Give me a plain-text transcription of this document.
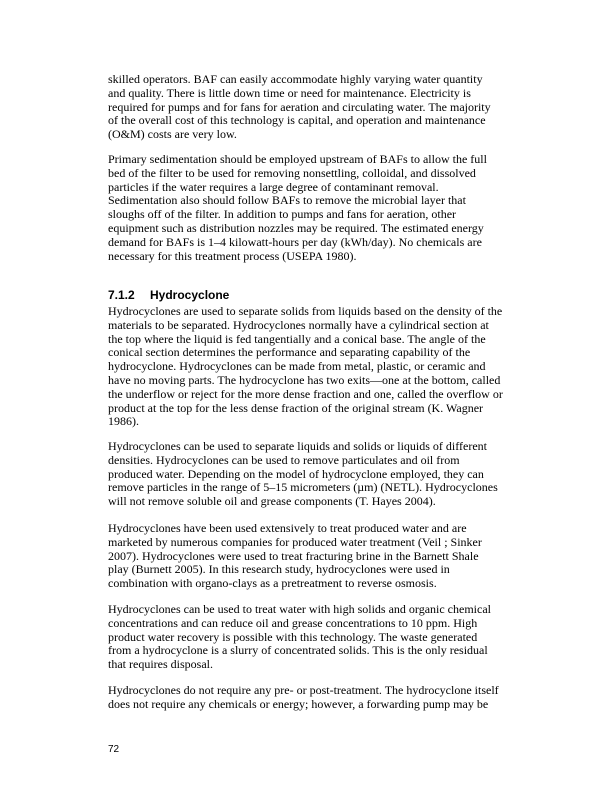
skilled operators. BAF can easily accommodate highly varying water quantity
and quality. There is little down time or need for maintenance. Electricity is
required for pumps and for fans for aeration and circulating water. The majority
of the overall cost of this technology is capital, and operation and maintenance
(O&M) costs are very low.
Primary sedimentation should be employed upstream of BAFs to allow the full
bed of the filter to be used for removing nonsettling, colloidal, and dissolved
particles if the water requires a large degree of contaminant removal.
Sedimentation also should follow BAFs to remove the microbial layer that
sloughs off of the filter. In addition to pumps and fans for aeration, other
equipment such as distribution nozzles may be required. The estimated energy
demand for BAFs is 1–4 kilowatt-hours per day (kWh/day). No chemicals are
necessary for this treatment process (USEPA 1980).
7.1.2 Hydrocyclone
Hydrocyclones are used to separate solids from liquids based on the density of the
materials to be separated. Hydrocyclones normally have a cylindrical section at
the top where the liquid is fed tangentially and a conical base. The angle of the
conical section determines the performance and separating capability of the
hydrocyclone. Hydrocyclones can be made from metal, plastic, or ceramic and
have no moving parts. The hydrocyclone has two exits—one at the bottom, called
the underflow or reject for the more dense fraction and one, called the overflow or
product at the top for the less dense fraction of the original stream (K. Wagner
1986).
Hydrocyclones can be used to separate liquids and solids or liquids of different
densities. Hydrocyclones can be used to remove particulates and oil from
produced water. Depending on the model of hydrocyclone employed, they can
remove particles in the range of 5–15 micrometers (µm) (NETL). Hydrocyclones
will not remove soluble oil and grease components (T. Hayes 2004).
Hydrocyclones have been used extensively to treat produced water and are
marketed by numerous companies for produced water treatment (Veil ; Sinker
2007). Hydrocyclones were used to treat fracturing brine in the Barnett Shale
play (Burnett 2005). In this research study, hydrocyclones were used in
combination with organo-clays as a pretreatment to reverse osmosis.
Hydrocyclones can be used to treat water with high solids and organic chemical
concentrations and can reduce oil and grease concentrations to 10 ppm. High
product water recovery is possible with this technology. The waste generated
from a hydrocyclone is a slurry of concentrated solids. This is the only residual
that requires disposal.
Hydrocyclones do not require any pre- or post-treatment. The hydrocyclone itself
does not require any chemicals or energy; however, a forwarding pump may be
72
